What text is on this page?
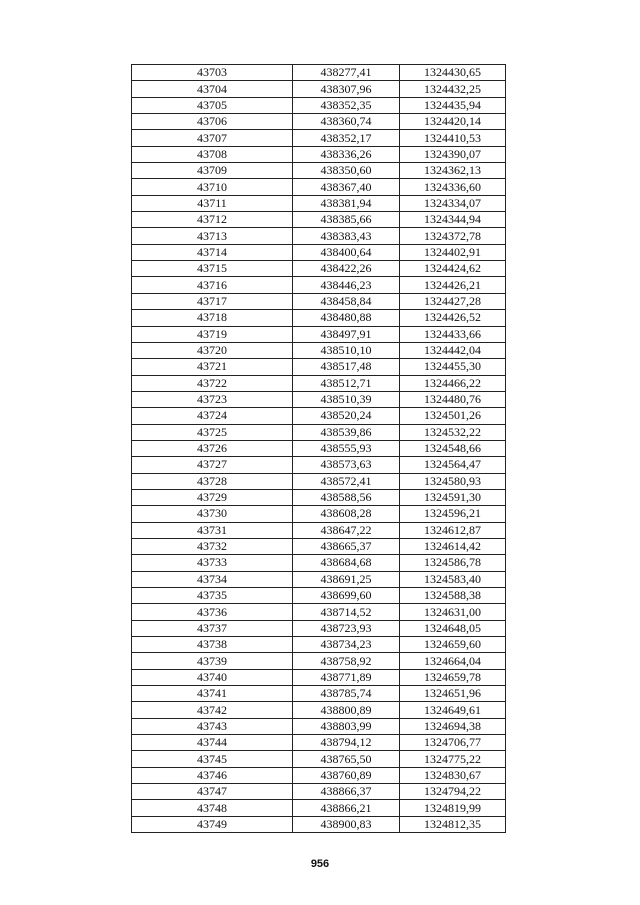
43703	438277,41	1324430,65
43704	438307,96	1324432,25
43705	438352,35	1324435,94
43706	438360,74	1324420,14
43707	438352,17	1324410,53
43708	438336,26	1324390,07
43709	438350,60	1324362,13
43710	438367,40	1324336,60
43711	438381,94	1324334,07
43712	438385,66	1324344,94
43713	438383,43	1324372,78
43714	438400,64	1324402,91
43715	438422,26	1324424,62
43716	438446,23	1324426,21
43717	438458,84	1324427,28
43718	438480,88	1324426,52
43719	438497,91	1324433,66
43720	438510,10	1324442,04
43721	438517,48	1324455,30
43722	438512,71	1324466,22
43723	438510,39	1324480,76
43724	438520,24	1324501,26
43725	438539,86	1324532,22
43726	438555,93	1324548,66
43727	438573,63	1324564,47
43728	438572,41	1324580,93
43729	438588,56	1324591,30
43730	438608,28	1324596,21
43731	438647,22	1324612,87
43732	438665,37	1324614,42
43733	438684,68	1324586,78
43734	438691,25	1324583,40
43735	438699,60	1324588,38
43736	438714,52	1324631,00
43737	438723,93	1324648,05
43738	438734,23	1324659,60
43739	438758,92	1324664,04
43740	438771,89	1324659,78
43741	438785,74	1324651,96
43742	438800,89	1324649,61
43743	438803,99	1324694,38
43744	438794,12	1324706,77
43745	438765,50	1324775,22
43746	438760,89	1324830,67
43747	438866,37	1324794,22
43748	438866,21	1324819,99
43749	438900,83	1324812,35
956
